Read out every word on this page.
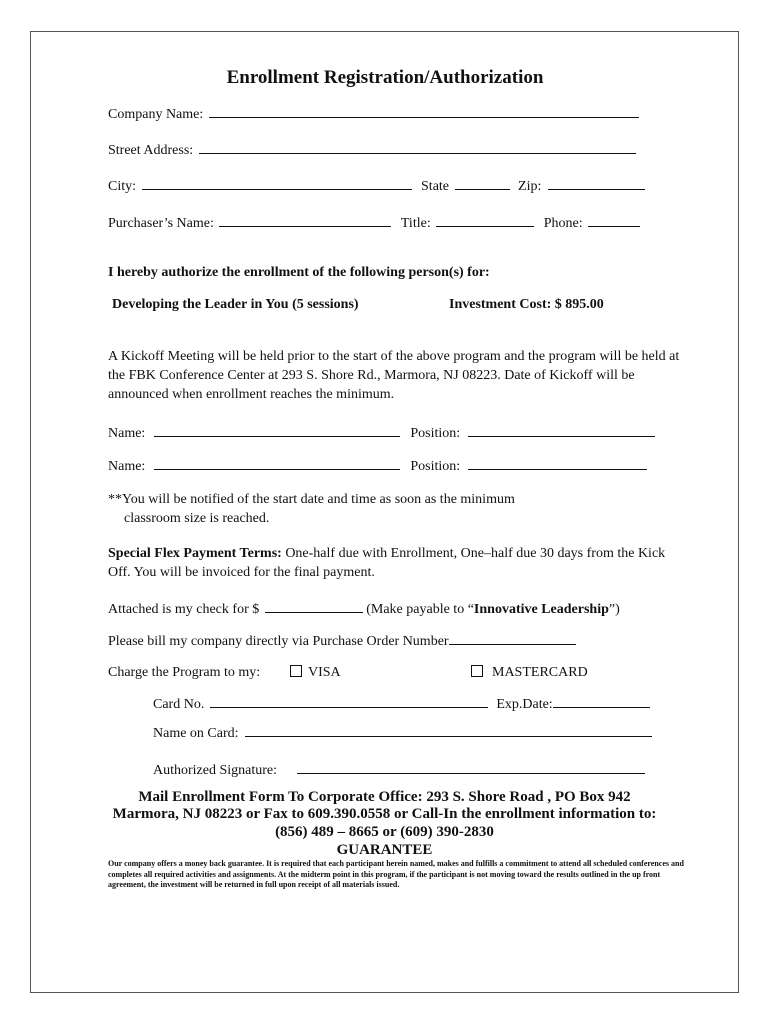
Enrollment Registration/Authorization
Company Name:
Street Address:
City:	State	Zip:
Purchaser’s Name:	Title:	Phone:
I hereby authorize the enrollment of the following person(s) for:
Developing the Leader in You (5 sessions)	Investment Cost: $ 895.00
A Kickoff Meeting will be held prior to the start of the above program and the program will be held at the FBK Conference Center at 293 S. Shore Rd., Marmora, NJ 08223. Date of Kickoff will be announced when enrollment reaches the minimum.
Name:	Position:
Name:	Position:
**You will be notified of the start date and time as soon as the minimum
classroom size is reached.
Special Flex Payment Terms: One-half due with Enrollment, One–half due 30 days from the Kick Off. You will be invoiced for the final payment.
Attached is my check for $	(Make payable to “Innovative Leadership”)
Please bill my company directly via Purchase Order Number
Charge the Program to my:	VISA	MASTERCARD
Card No.	Exp.Date:
Name on Card:
Authorized Signature:
Mail Enrollment Form To Corporate Office: 293 S. Shore Road , PO Box 942
Marmora, NJ 08223 or Fax to 609.390.0558 or Call-In the enrollment information to:
(856) 489 – 8665 or (609) 390-2830
GUARANTEE
Our company offers a money back guarantee. It is required that each participant herein named, makes and fulfills a commitment to attend all scheduled conferences and completes all required activities and assignments. At the midterm point in this program, if the participant is not moving toward the results outlined in the up front agreement, the investment will be returned in full upon receipt of all materials issued.
